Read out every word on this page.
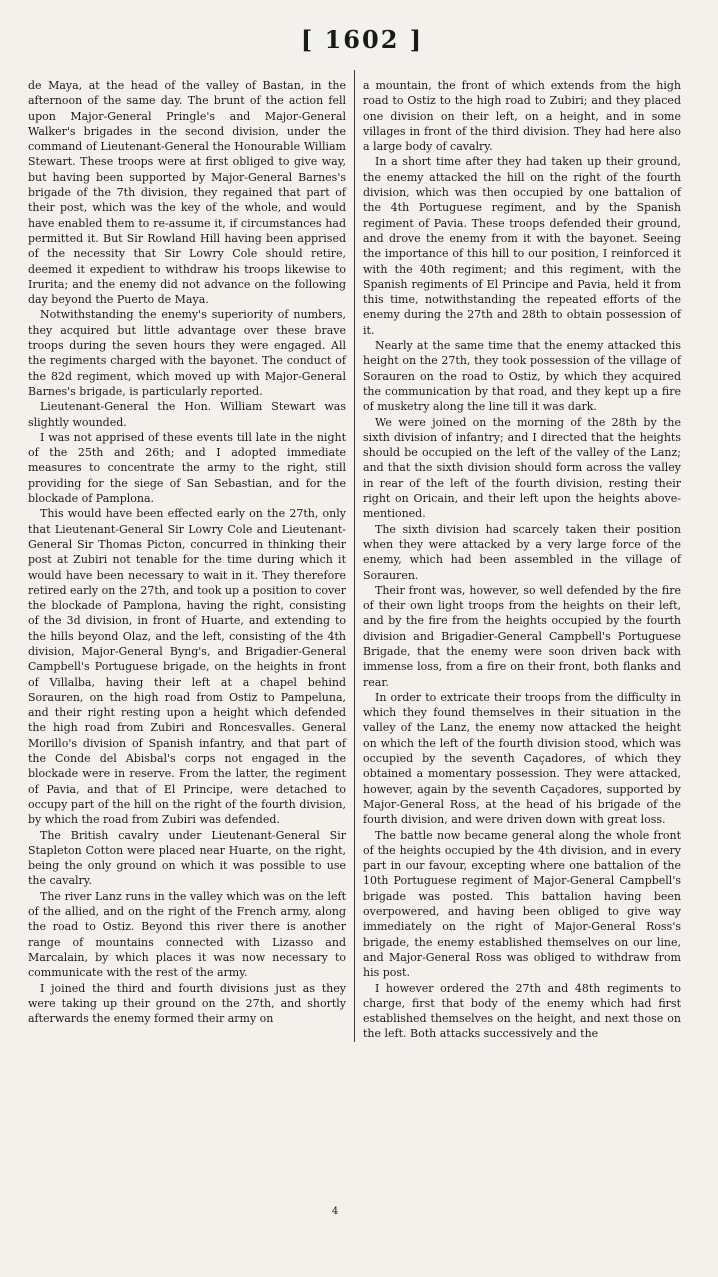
[ 1602 ]

de Maya, at the head of the valley of Bastan, in the afternoon of the same day. The brunt of the action fell upon Major-General Pringle's and Major-General Walker's brigades in the second division, under the command of Lieutenant-General the Honourable William Stewart. These troops were at first obliged to give way, but having been supported by Major-General Barnes's brigade of the 7th division, they regained that part of their post, which was the key of the whole, and would have enabled them to re-assume it, if circumstances had permitted it. But Sir Rowland Hill having been apprised of the necessity that Sir Lowry Cole should retire, deemed it expedient to withdraw his troops likewise to Irurita; and the enemy did not advance on the following day beyond the Puerto de Maya.

Notwithstanding the enemy's superiority of numbers, they acquired but little advantage over these brave troops during the seven hours they were engaged. All the regiments charged with the bayonet. The conduct of the 82d regiment, which moved up with Major-General Barnes's brigade, is particularly reported.

Lieutenant-General the Hon. William Stewart was slightly wounded.

I was not apprised of these events till late in the night of the 25th and 26th; and I adopted immediate measures to concentrate the army to the right, still providing for the siege of San Sebastian, and for the blockade of Pamplona.

This would have been effected early on the 27th, only that Lieutenant-General Sir Lowry Cole and Lieutenant-General Sir Thomas Picton, concurred in thinking their post at Zubiri not tenable for the time during which it would have been necessary to wait in it. They therefore retired early on the 27th, and took up a position to cover the blockade of Pamplona, having the right, consisting of the 3d division, in front of Huarte, and extending to the hills beyond Olaz, and the left, consisting of the 4th division, Major-General Byng's, and Brigadier-General Campbell's Portuguese brigade, on the heights in front of Villalba, having their left at a chapel behind Sorauren, on the high road from Ostiz to Pampeluna, and their right resting upon a height which defended the high road from Zubiri and Roncesvalles. General Morillo's division of Spanish infantry, and that part of the Conde del Abisbal's corps not engaged in the blockade were in reserve. From the latter, the regiment of Pavia, and that of El Principe, were detached to occupy part of the hill on the right of the fourth division, by which the road from Zubiri was defended.

The British cavalry under Lieutenant-General Sir Stapleton Cotton were placed near Huarte, on the right, being the only ground on which it was possible to use the cavalry.

The river Lanz runs in the valley which was on the left of the allied, and on the right of the French army, along the road to Ostiz. Beyond this river there is another range of mountains connected with Lizasso and Marcalain, by which places it was now necessary to communicate with the rest of the army.

I joined the third and fourth divisions just as they were taking up their ground on the 27th, and shortly afterwards the enemy formed their army on

a mountain, the front of which extends from the high road to Ostiz to the high road to Zubiri; and they placed one division on their left, on a height, and in some villages in front of the third division. They had here also a large body of cavalry.

In a short time after they had taken up their ground, the enemy attacked the hill on the right of the fourth division, which was then occupied by one battalion of the 4th Portuguese regiment, and by the Spanish regiment of Pavia. These troops defended their ground, and drove the enemy from it with the bayonet. Seeing the importance of this hill to our position, I reinforced it with the 40th regiment; and this regiment, with the Spanish regiments of El Principe and Pavia, held it from this time, notwithstanding the repeated efforts of the enemy during the 27th and 28th to obtain possession of it.

Nearly at the same time that the enemy attacked this height on the 27th, they took possession of the village of Sorauren on the road to Ostiz, by which they acquired the communication by that road, and they kept up a fire of musketry along the line till it was dark.

We were joined on the morning of the 28th by the sixth division of infantry; and I directed that the heights should be occupied on the left of the valley of the Lanz; and that the sixth division should form across the valley in rear of the left of the fourth division, resting their right on Oricain, and their left upon the heights above-mentioned.

The sixth division had scarcely taken their position when they were attacked by a very large force of the enemy, which had been assembled in the village of Sorauren.

Their front was, however, so well defended by the fire of their own light troops from the heights on their left, and by the fire from the heights occupied by the fourth division and Brigadier-General Campbell's Portuguese Brigade, that the enemy were soon driven back with immense loss, from a fire on their front, both flanks and rear.

In order to extricate their troops from the difficulty in which they found themselves in their situation in the valley of the Lanz, the enemy now attacked the height on which the left of the fourth division stood, which was occupied by the seventh Caçadores, of which they obtained a momentary possession. They were attacked, however, again by the seventh Caçadores, supported by Major-General Ross, at the head of his brigade of the fourth division, and were driven down with great loss.

The battle now became general along the whole front of the heights occupied by the 4th division, and in every part in our favour, excepting where one battalion of the 10th Portuguese regiment of Major-General Campbell's brigade was posted. This battalion having been overpowered, and having been obliged to give way immediately on the right of Major-General Ross's brigade, the enemy established themselves on our line, and Major-General Ross was obliged to withdraw from his post.

I however ordered the 27th and 48th regiments to charge, first that body of the enemy which had first established themselves on the height, and next those on the left. Both attacks successively and the

4
